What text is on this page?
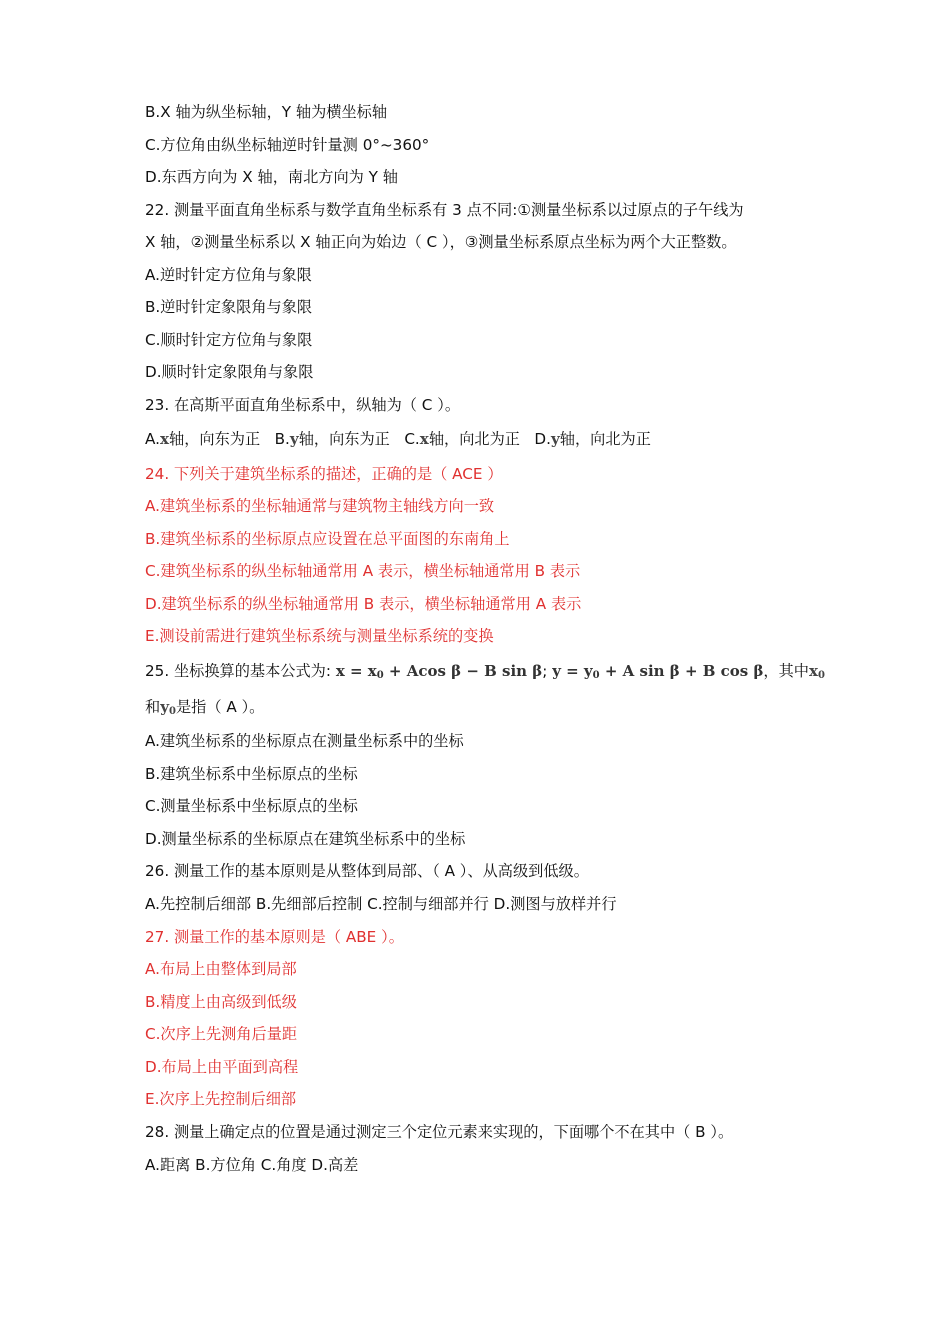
B.X 轴为纵坐标轴，Y 轴为横坐标轴
C.方位角由纵坐标轴逆时针量测 0°~360°
D.东西方向为 X 轴，南北方向为 Y 轴
22. 测量平面直角坐标系与数学直角坐标系有 3 点不同:①测量坐标系以过原点的子午线为
X 轴，②测量坐标系以 X 轴正向为始边（ C ），③测量坐标系原点坐标为两个大正整数。
A.逆时针定方位角与象限
B.逆时针定象限角与象限
C.顺时针定方位角与象限
D.顺时针定象限角与象限
23. 在高斯平面直角坐标系中，纵轴为（ C ）。
A.x轴，向东为正 B.y轴，向东为正 C.x轴，向北为正 D.y轴，向北为正
24. 下列关于建筑坐标系的描述，正确的是（ ACE ）
A.建筑坐标系的坐标轴通常与建筑物主轴线方向一致
B.建筑坐标系的坐标原点应设置在总平面图的东南角上
C.建筑坐标系的纵坐标轴通常用 A 表示，横坐标轴通常用 B 表示
D.建筑坐标系的纵坐标轴通常用 B 表示，横坐标轴通常用 A 表示
E.测设前需进行建筑坐标系统与测量坐标系统的变换
25. 坐标换算的基本公式为: $x = x_0 + Acos$ β − B sin β; $y = y_0 + A$ sin β + B cos β，其中$x_0$
和$y_0$是指（ A ）。
A.建筑坐标系的坐标原点在测量坐标系中的坐标
B.建筑坐标系中坐标原点的坐标
C.测量坐标系中坐标原点的坐标
D.测量坐标系的坐标原点在建筑坐标系中的坐标
26. 测量工作的基本原则是从整体到局部、（ A ）、从高级到低级。
A.先控制后细部 B.先细部后控制 C.控制与细部并行 D.测图与放样并行
27. 测量工作的基本原则是（ ABE ）。
A.布局上由整体到局部
B.精度上由高级到低级
C.次序上先测角后量距
D.布局上由平面到高程
E.次序上先控制后细部
28. 测量上确定点的位置是通过测定三个定位元素来实现的，下面哪个不在其中（ B ）。
A.距离 B.方位角 C.角度 D.高差
